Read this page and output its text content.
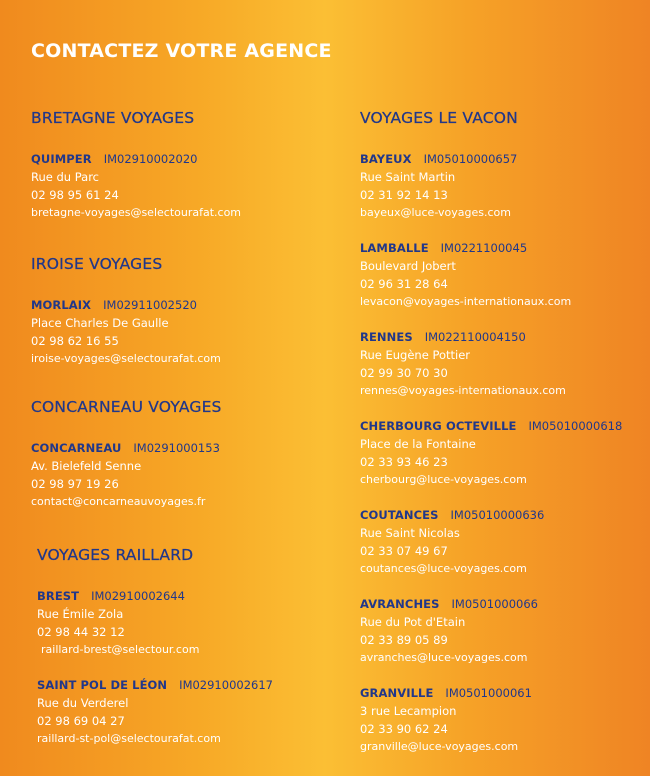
CONTACTEZ VOTRE AGENCE
BRETAGNE VOYAGES
QUIMPER IM02910002020
Rue du Parc
02 98 95 61 24
bretagne-voyages@selectourafat.com
IROISE VOYAGES
MORLAIX IM02911002520
Place Charles De Gaulle
02 98 62 16 55
iroise-voyages@selectourafat.com
CONCARNEAU VOYAGES
CONCARNEAU IM0291000153
Av. Bielefeld Senne
02 98 97 19 26
contact@concarneauvoyages.fr
VOYAGES RAILLARD
BREST IM02910002644
Rue Émile Zola
02 98 44 32 12
raillard-brest@selectour.com
SAINT POL DE LÉON IM02910002617
Rue du Verderel
02 98 69 04 27
raillard-st-pol@selectourafat.com
VOYAGES LE VACON
BAYEUX IM05010000657
Rue Saint Martin
02 31 92 14 13
bayeux@luce-voyages.com
LAMBALLE IM0221100045
Boulevard Jobert
02 96 31 28 64
levacon@voyages-internationaux.com
RENNES IM022110004150
Rue Eugène Pottier
02 99 30 70 30
rennes@voyages-internationaux.com
CHERBOURG OCTEVILLE IM05010000618
Place de la Fontaine
02 33 93 46 23
cherbourg@luce-voyages.com
COUTANCES IM05010000636
Rue Saint Nicolas
02 33 07 49 67
coutances@luce-voyages.com
AVRANCHES IM0501000066
Rue du Pot d'Etain
02 33 89 05 89
avranches@luce-voyages.com
GRANVILLE IM0501000061
3 rue Lecampion
02 33 90 62 24
granville@luce-voyages.com
